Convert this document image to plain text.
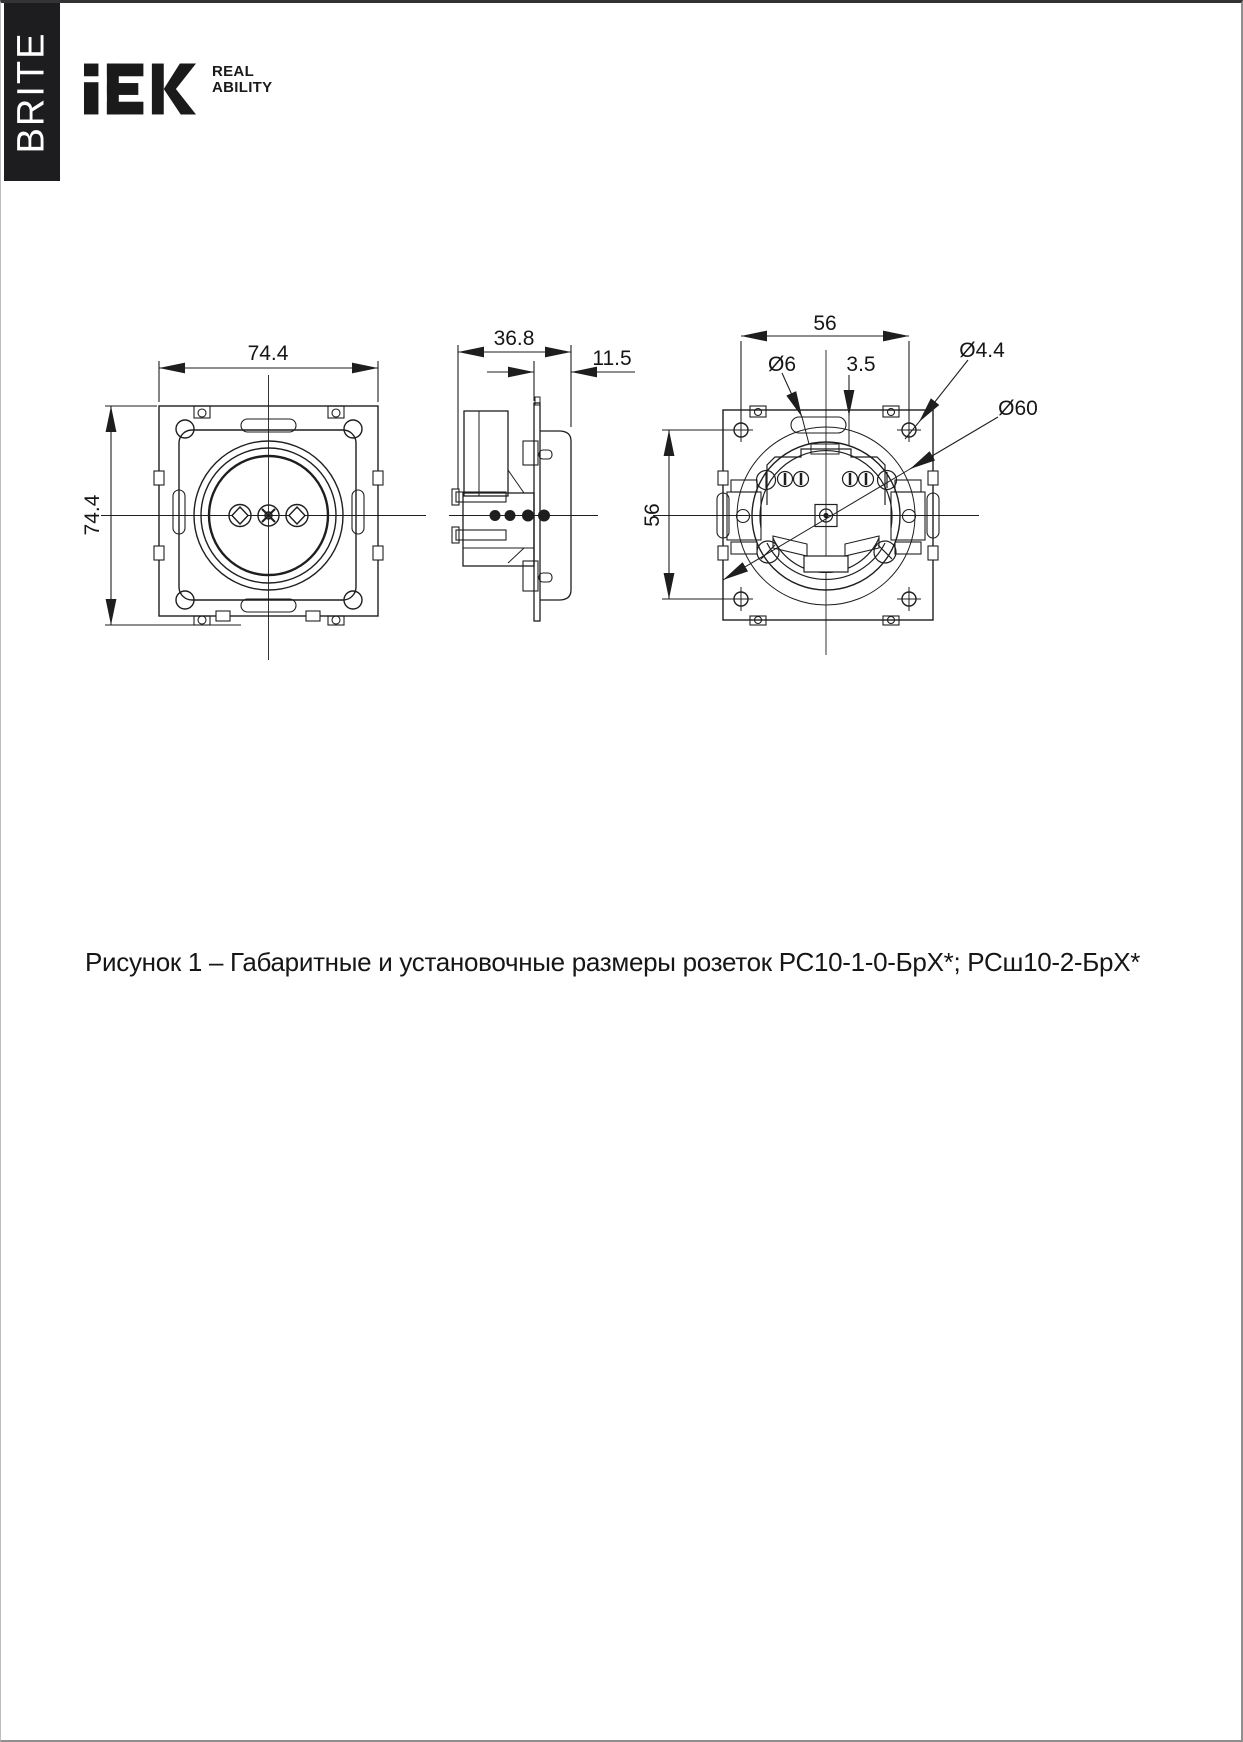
BRITE	REAL
ABILITY
74.4
74.4
36.8
11.5
56
56
Ø6 3.5
Ø4.4
Ø60
Рисунок 1 – Габаритные и установочные размеры розеток РС10-1-0-БрХ*; РСш10-2-БрХ*
